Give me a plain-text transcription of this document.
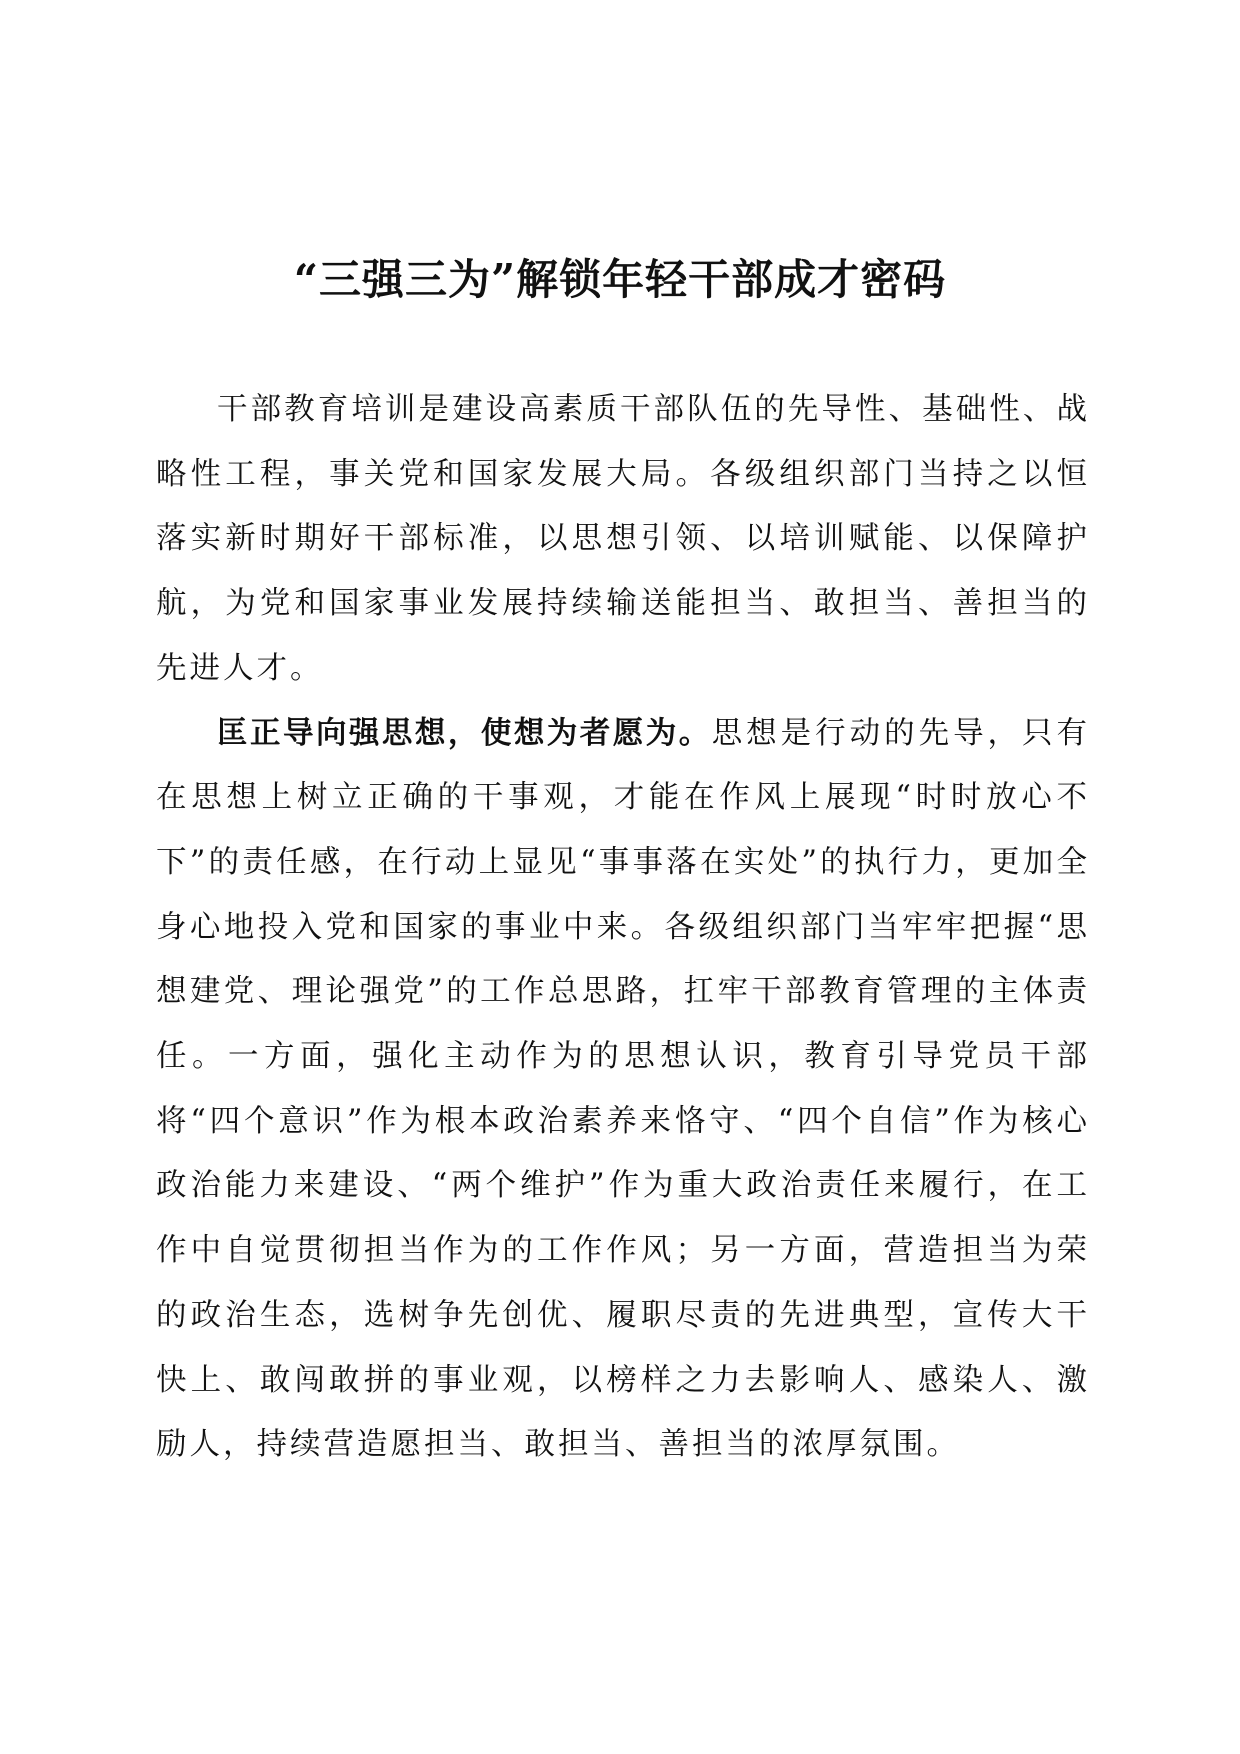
“三强三为”解锁年轻干部成才密码

干部教育培训是建设高素质干部队伍的先导性、基础性、战略性工程，事关党和国家发展大局。各级组织部门当持之以恒落实新时期好干部标准，以思想引领、以培训赋能、以保障护航，为党和国家事业发展持续输送能担当、敢担当、善担当的先进人才。

匡正导向强思想，使想为者愿为。思想是行动的先导，只有在思想上树立正确的干事观，才能在作风上展现“时时放心不下”的责任感，在行动上显见“事事落在实处”的执行力，更加全身心地投入党和国家的事业中来。各级组织部门当牢牢把握“思想建党、理论强党”的工作总思路，扛牢干部教育管理的主体责任。一方面，强化主动作为的思想认识，教育引导党员干部将“四个意识”作为根本政治素养来恪守、“四个自信”作为核心政治能力来建设、“两个维护”作为重大政治责任来履行，在工作中自觉贯彻担当作为的工作作风；另一方面，营造担当为荣的政治生态，选树争先创优、履职尽责的先进典型，宣传大干快上、敢闯敢拼的事业观，以榜样之力去影响人、感染人、激励人，持续营造愿担当、敢担当、善担当的浓厚氛围。
